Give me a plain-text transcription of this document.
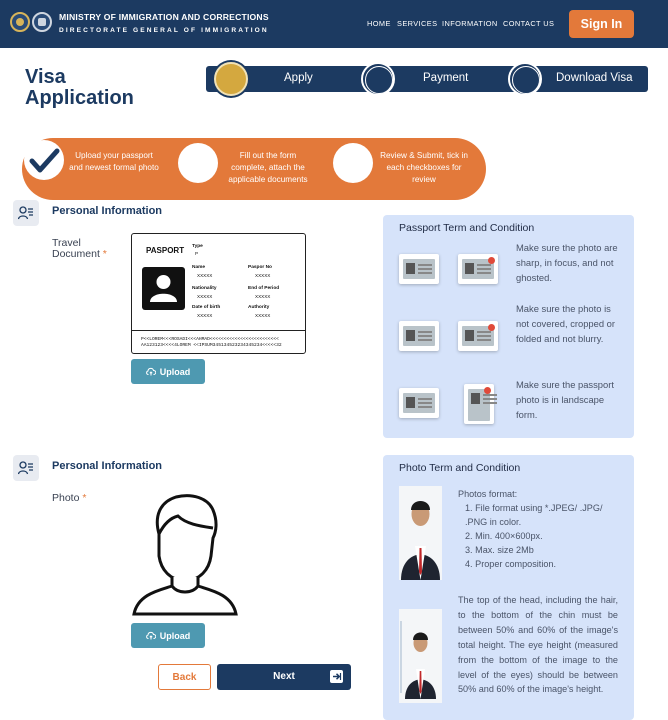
MINISTRY OF IMMIGRATION AND CORRECTIONS
DIRECTORATE GENERAL OF IMMIGRATION
HOME SERVICES INFORMATION CONTACT US	Sign In
Visa Application
Apply	Payment	Download Visa
Upload your passport and newest formal photo
Fill out the form complete, attach the applicable documents
Review & Submit, tick in each checkboxes for review
Personal Information
Travel Document *	PASPORT Type
P
Name
XXXXX
Paspor No
XXXXX
Nationality
XXXXX
End of Period
XXXXX
Date of birth
XXXXX
Authority
XXXXX
P<<LOREM<<<ROSADI<<<AHMAD<<<<<<<<<<<<<<<<<<<<<<<<<
AA123123<<<<4LOREM <<IPSUM345134523234345234<<<<<32
Upload
Passport Term and Condition
Make sure the photo are sharp, in focus, and not ghosted.
Make sure the photo is not covered, cropped or folded and not blurry.
Make sure the passport photo is in landscape form.
Personal Information
Photo *
Upload
Photo Term and Condition
Photos format:
1. File format using *.JPEG/ .JPG/ .PNG in color.
2. Min. 400×600px.
3. Max. size 2Mb
4. Proper composition.
The top of the head, including the hair, to the bottom of the chin must be between 50% and 60% of the image's total height. The eye height (measured from the bottom of the image to the level of the eyes) should be between 50% and 60% of the image's height.
Back	Next
